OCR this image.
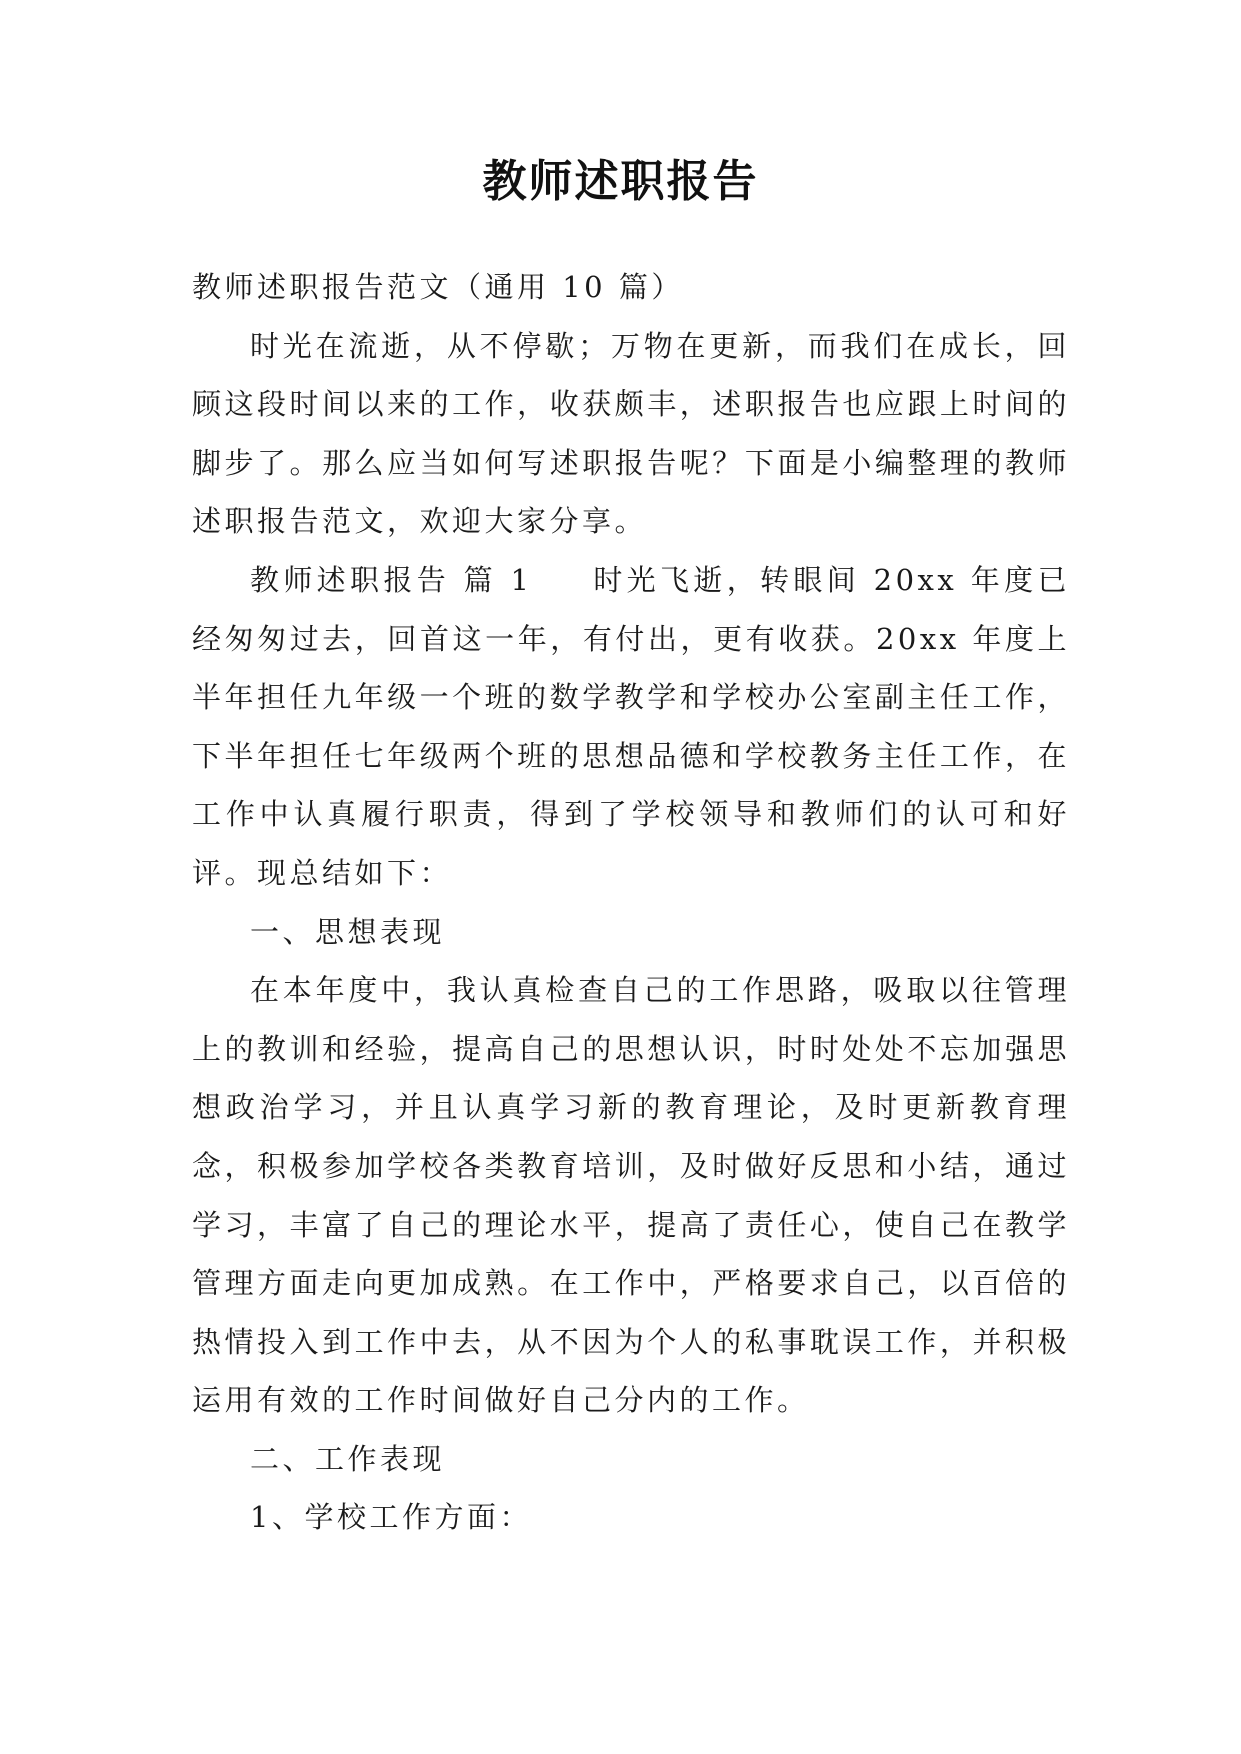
教师述职报告

教师述职报告范文（通用 10 篇）

时光在流逝，从不停歇；万物在更新，而我们在成长，回顾这段时间以来的工作，收获颇丰，述职报告也应跟上时间的脚步了。那么应当如何写述职报告呢？下面是小编整理的教师述职报告范文，欢迎大家分享。

教师述职报告 篇 1 时光飞逝，转眼间 20xx 年度已经匆匆过去，回首这一年，有付出，更有收获。20xx 年度上半年担任九年级一个班的数学教学和学校办公室副主任工作，下半年担任七年级两个班的思想品德和学校教务主任工作，在工作中认真履行职责，得到了学校领导和教师们的认可和好评。现总结如下：

一、思想表现

在本年度中，我认真检查自己的工作思路，吸取以往管理上的教训和经验，提高自己的思想认识，时时处处不忘加强思想政治学习，并且认真学习新的教育理论，及时更新教育理念，积极参加学校各类教育培训，及时做好反思和小结，通过学习，丰富了自己的理论水平，提高了责任心，使自己在教学管理方面走向更加成熟。在工作中，严格要求自己，以百倍的热情投入到工作中去，从不因为个人的私事耽误工作，并积极运用有效的工作时间做好自己分内的工作。

二、工作表现

1、学校工作方面：
